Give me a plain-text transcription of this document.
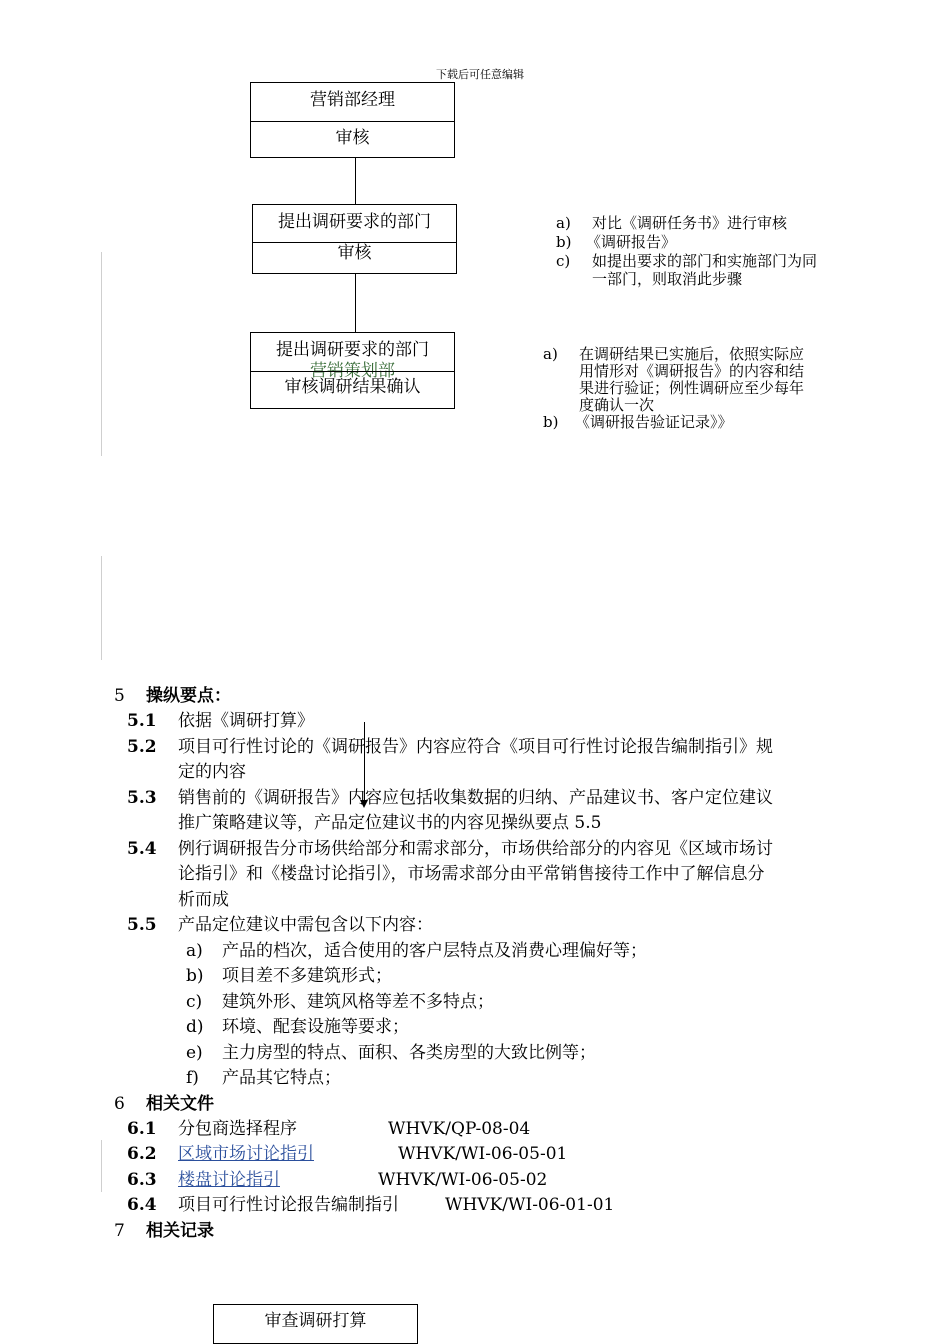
下载后可任意编辑
营销部经理
审核
提出调研要求的部门
审核
提出调研要求的部门
营销策划部
审核调研结果确认
a) 对比《调研任务书》进行审核
b) 《调研报告》
c) 如提出要求的部门和实施部门为同
一部门，则取消此步骤
a) 在调研结果已实施后，依照实际应
用情形对《调研报告》的内容和结
果进行验证；例性调研应至少每年
度确认一次
b) 《调研报告验证记录》》
5 操纵要点：
5.1 依据《调研打算》
5.2 项目可行性讨论的《调研报告》内容应符合《项目可行性讨论报告编制指引》规
定的内容
5.3 销售前的《调研报告》内容应包括收集数据的归纳、产品建议书、客户定位建议
推广策略建议等，产品定位建议书的内容见操纵要点 5.5
5.4 例行调研报告分市场供给部分和需求部分，市场供给部分的内容见《区域市场讨
论指引》和《楼盘讨论指引》，市场需求部分由平常销售接待工作中了解信息分
析而成
5.5 产品定位建议中需包含以下内容：
a) 产品的档次，适合使用的客户层特点及消费心理偏好等；
b) 项目差不多建筑形式；
c) 建筑外形、建筑风格等差不多特点；
d) 环境、配套设施等要求；
e) 主力房型的特点、面积、各类房型的大致比例等；
f) 产品其它特点；
6 相关文件
6.1 分包商选择程序	WHVK/QP-08-04
6.2 区域市场讨论指引	WHVK/WI-06-05-01
6.3 楼盘讨论指引	WHVK/WI-06-05-02
6.4 项目可行性讨论报告编制指引	WHVK/WI-06-01-01
7 相关记录
审查调研打算
